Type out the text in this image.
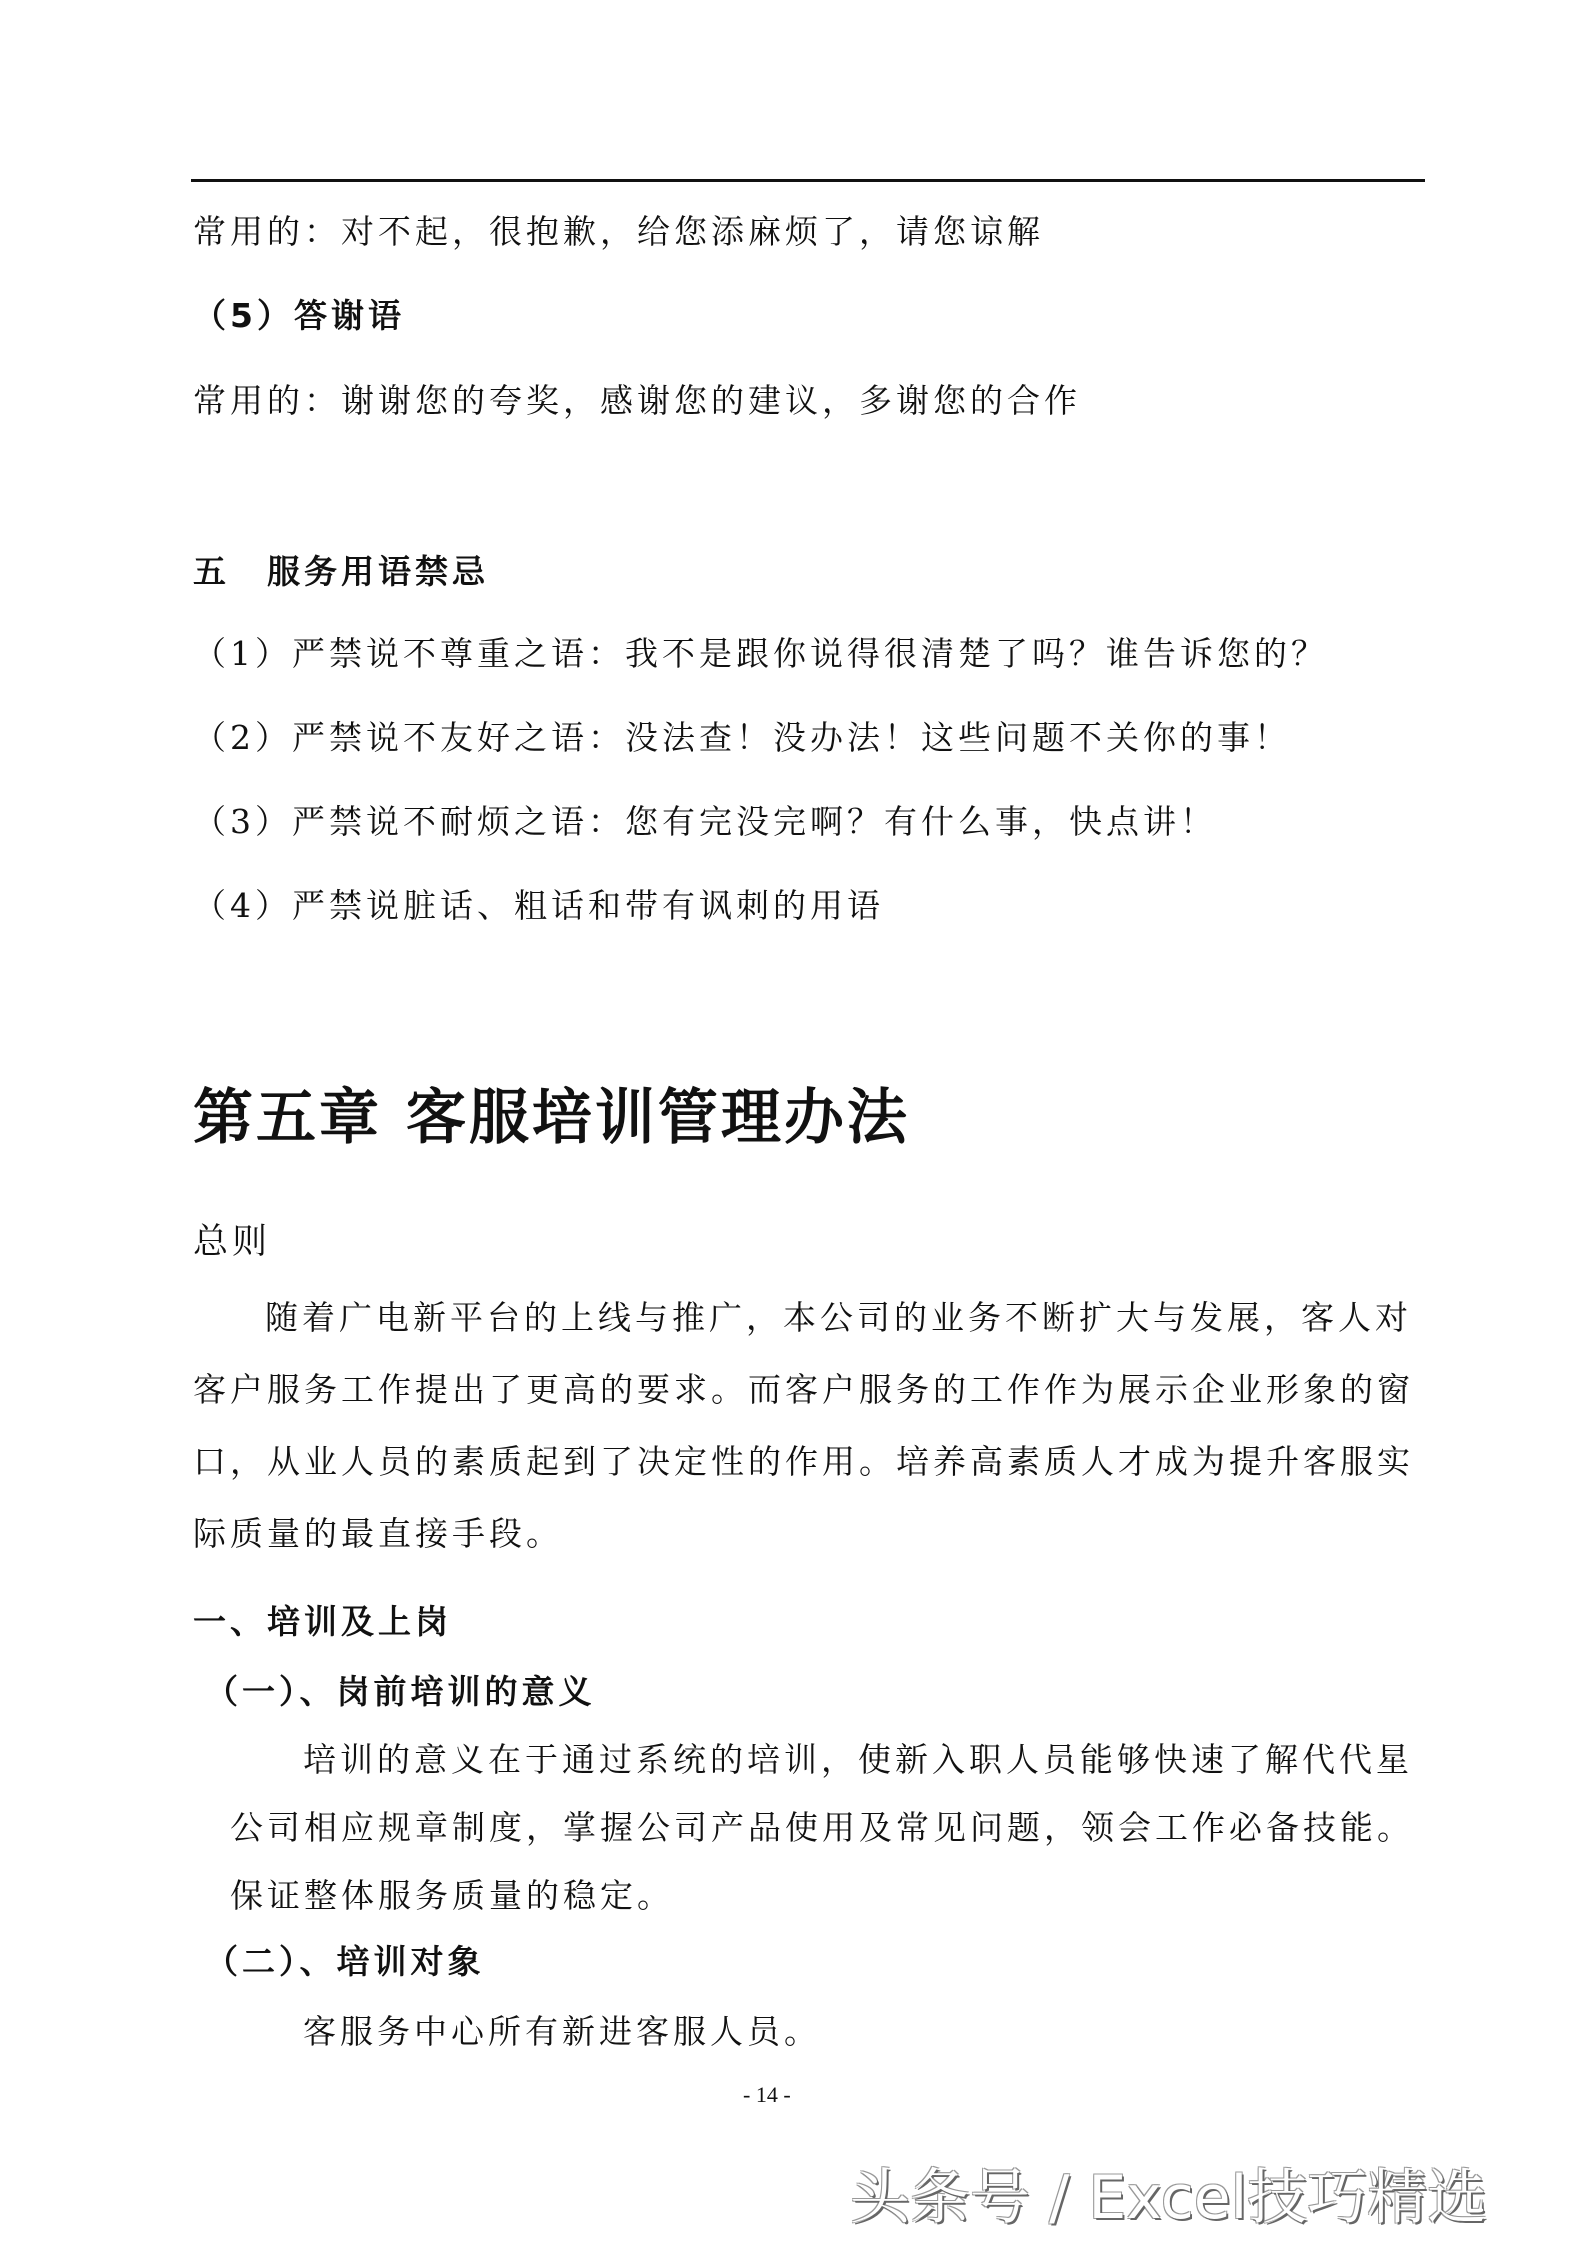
常用的：对不起，很抱歉，给您添麻烦了，请您谅解
（5）答谢语
常用的：谢谢您的夸奖，感谢您的建议，多谢您的合作
五　服务用语禁忌
（1）严禁说不尊重之语：我不是跟你说得很清楚了吗？谁告诉您的？
（2）严禁说不友好之语：没法查！没办法！这些问题不关你的事！
（3）严禁说不耐烦之语：您有完没完啊？有什么事，快点讲！
（4）严禁说脏话、粗话和带有讽刺的用语
第五章 客服培训管理办法
总则
随着广电新平台的上线与推广，本公司的业务不断扩大与发展，客人对
客户服务工作提出了更高的要求。而客户服务的工作作为展示企业形象的窗
口，从业人员的素质起到了决定性的作用。培养高素质人才成为提升客服实
际质量的最直接手段。
一、培训及上岗
（一）、岗前培训的意义
培训的意义在于通过系统的培训，使新入职人员能够快速了解代代星
公司相应规章制度，掌握公司产品使用及常见问题，领会工作必备技能。
保证整体服务质量的稳定。
（二）、培训对象
客服务中心所有新进客服人员。
- 14 -
头条号 / Excel技巧精选
